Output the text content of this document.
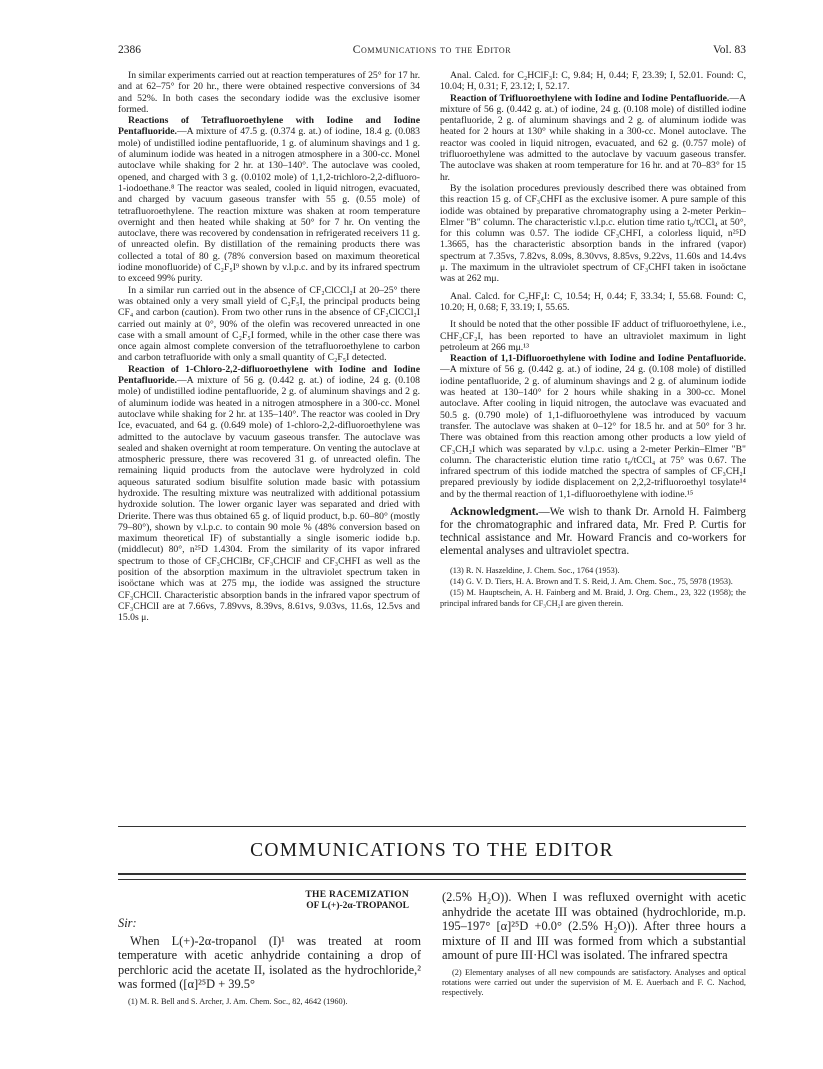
2386	Communications to the Editor	Vol. 83

In similar experiments carried out at reaction temperatures of 25° for 17 hr. and at 62–75° for 20 hr., there were obtained respective conversions of 34 and 52%. In both cases the secondary iodide was the exclusive isomer formed.

Reactions of Tetrafluoroethylene with Iodine and Iodine Pentafluoride.—A mixture of 47.5 g. (0.374 g. at.) of iodine, 18.4 g. (0.083 mole) of undistilled iodine pentafluoride, 1 g. of aluminum shavings and 1 g. of aluminum iodide was heated in a nitrogen atmosphere in a 300-cc. Monel autoclave while shaking for 2 hr. at 130–140°. The autoclave was cooled, opened, and charged with 3 g. (0.0102 mole) of 1,1,2-trichloro-2,2-difluoro-1-iodoethane.⁸ The reactor was sealed, cooled in liquid nitrogen, evacuated, and charged by vacuum gaseous transfer with 55 g. (0.55 mole) of tetrafluoroethylene. The reaction mixture was shaken at room temperature overnight and then heated while shaking at 50° for 7 hr. On venting the autoclave, there was recovered by condensation in refrigerated receivers 11 g. of unreacted olefin. By distillation of the remaining products there was collected a total of 80 g. (78% conversion based on maximum theoretical iodine monofluoride) of C₂F₅I⁹ shown by v.l.p.c. and by its infrared spectrum to exceed 99% purity.

In a similar run carried out in the absence of CF₂ClCCl₂I at 20–25° there was obtained only a very small yield of C₂F₅I, the principal products being CF₄ and carbon (caution). From two other runs in the absence of CF₂ClCCl₂I carried out mainly at 0°, 90% of the olefin was recovered unreacted in one case with a small amount of C₂F₅I formed, while in the other case there was once again almost complete conversion of the tetrafluoroethylene to carbon and carbon tetrafluoride with only a small quantity of C₂F₅I detected.

Reaction of 1-Chloro-2,2-difluoroethylene with Iodine and Iodine Pentafluoride.—A mixture of 56 g. (0.442 g. at.) of iodine, 24 g. (0.108 mole) of undistilled iodine pentafluoride, 2 g. of aluminum shavings and 2 g. of aluminum iodide was heated in a nitrogen atmosphere in a 300-cc. Monel autoclave while shaking for 2 hr. at 135–140°. The reactor was cooled in Dry Ice, evacuated, and 64 g. (0.649 mole) of 1-chloro-2,2-difluoroethylene was admitted to the autoclave by vacuum gaseous transfer. The autoclave was sealed and shaken overnight at room temperature. On venting the autoclave at atmospheric pressure, there was recovered 31 g. of unreacted olefin. The remaining liquid products from the autoclave were hydrolyzed in cold aqueous saturated sodium bisulfite solution made basic with potassium hydroxide. The resulting mixture was neutralized with additional potassium hydroxide solution. The lower organic layer was separated and dried with Drierite. There was thus obtained 65 g. of liquid product, b.p. 60–80° (mostly 79–80°), shown by v.l.p.c. to contain 90 mole % (48% conversion based on maximum theoretical IF) of substantially a single isomeric iodide b.p. (middlecut) 80°, n²⁵D 1.4304. From the similarity of its vapor infrared spectrum to those of CF₃CHClBr, CF₃CHClF and CF₃CHFI as well as the position of the absorption maximum in the ultraviolet spectrum taken in isoöctane which was at 275 mμ, the iodide was assigned the structure CF₃CHClI. Characteristic absorption bands in the infrared vapor spectrum of CF₃CHClI are at 7.66vs, 7.89vvs, 8.39vs, 8.61vs, 9.03vs, 11.6s, 12.5vs and 15.0s μ.

Anal. Calcd. for C₂HClF₃I: C, 9.84; H, 0.44; F, 23.39; I, 52.01. Found: C, 10.04; H, 0.31; F, 23.12; I, 52.17.

Reaction of Trifluoroethylene with Iodine and Iodine Pentafluoride.—A mixture of 56 g. (0.442 g. at.) of iodine, 24 g. (0.108 mole) of distilled iodine pentafluoride, 2 g. of aluminum shavings and 2 g. of aluminum iodide was heated for 2 hours at 130° while shaking in a 300-cc. Monel autoclave. The reactor was cooled in liquid nitrogen, evacuated, and 62 g. (0.757 mole) of trifluoroethylene was admitted to the autoclave by vacuum gaseous transfer. The autoclave was shaken at room temperature for 16 hr. and at 70–83° for 15 hr.

By the isolation procedures previously described there was obtained from this reaction 15 g. of CF₃CHFI as the exclusive isomer. A pure sample of this iodide was obtained by preparative chromatography using a 2-meter Perkin–Elmer "B" column. The characteristic v.l.p.c. elution time ratio t₀/tCCl₄ at 50°, for this column was 0.57. The iodide CF₃CHFI, a colorless liquid, n²⁵D 1.3665, has the characteristic absorption bands in the infrared (vapor) spectrum at 7.35vs, 7.82vs, 8.09s, 8.30vvs, 8.85vs, 9.22vs, 11.60s and 14.4vs μ. The maximum in the ultraviolet spectrum of CF₃CHFI taken in isoöctane was at 262 mμ.

Anal. Calcd. for C₂HF₄I: C, 10.54; H, 0.44; F, 33.34; I, 55.68. Found: C, 10.20; H, 0.68; F, 33.19; I, 55.65.

It should be noted that the other possible IF adduct of trifluoroethylene, i.e., CHF₂CF₂I, has been reported to have an ultraviolet maximum in light petroleum at 266 mμ.¹³

Reaction of 1,1-Difluoroethylene with Iodine and Iodine Pentafluoride.—A mixture of 56 g. (0.442 g. at.) of iodine, 24 g. (0.108 mole) of distilled iodine pentafluoride, 2 g. of aluminum shavings and 2 g. of aluminum iodide was heated at 130–140° for 2 hours while shaking in a 300-cc. Monel autoclave. After cooling in liquid nitrogen, the autoclave was evacuated and 50.5 g. (0.790 mole) of 1,1-difluoroethylene was introduced by vacuum transfer. The autoclave was shaken at 0–12° for 18.5 hr. and at 50° for 3 hr. There was obtained from this reaction among other products a low yield of CF₃CH₂I which was separated by v.l.p.c. using a 2-meter Perkin–Elmer "B" column. The characteristic elution time ratio t₀/tCCl₄ at 75° was 0.67. The infrared spectrum of this iodide matched the spectra of samples of CF₃CH₂I prepared previously by iodide displacement on 2,2,2-trifluoroethyl tosylate¹⁴ and by the thermal reaction of 1,1-difluoroethylene with iodine.¹⁵

Acknowledgment.—We wish to thank Dr. Arnold H. Faimberg for the chromatographic and infrared data, Mr. Fred P. Curtis for technical assistance and Mr. Howard Francis and co-workers for elemental analyses and ultraviolet spectra.

(13) R. N. Haszeldine, J. Chem. Soc., 1764 (1953).

(14) G. V. D. Tiers, H. A. Brown and T. S. Reid, J. Am. Chem. Soc., 75, 5978 (1953).

(15) M. Hauptschein, A. H. Fainberg and M. Braid, J. Org. Chem., 23, 322 (1958); the principal infrared bands for CF₃CH₂I are given therein.

COMMUNICATIONS TO THE EDITOR
THE RACEMIZATION
OF L(+)-2α-TROPANOL
Sir:

When L(+)-2α-tropanol (I)¹ was treated at room temperature with acetic anhydride containing a drop of perchloric acid the acetate II, isolated as the hydrochloride,² was formed ([α]²⁵D + 39.5°

(1) M. R. Bell and S. Archer, J. Am. Chem. Soc., 82, 4642 (1960).

(2.5% H₂O)). When I was refluxed overnight with acetic anhydride the acetate III was obtained (hydrochloride, m.p. 195–197° [α]²⁵D +0.0° (2.5% H₂O)). After three hours a mixture of II and III was formed from which a substantial amount of pure III·HCl was isolated. The infrared spectra

(2) Elementary analyses of all new compounds are satisfactory. Analyses and optical rotations were carried out under the supervision of M. E. Auerbach and F. C. Nachod, respectively.
